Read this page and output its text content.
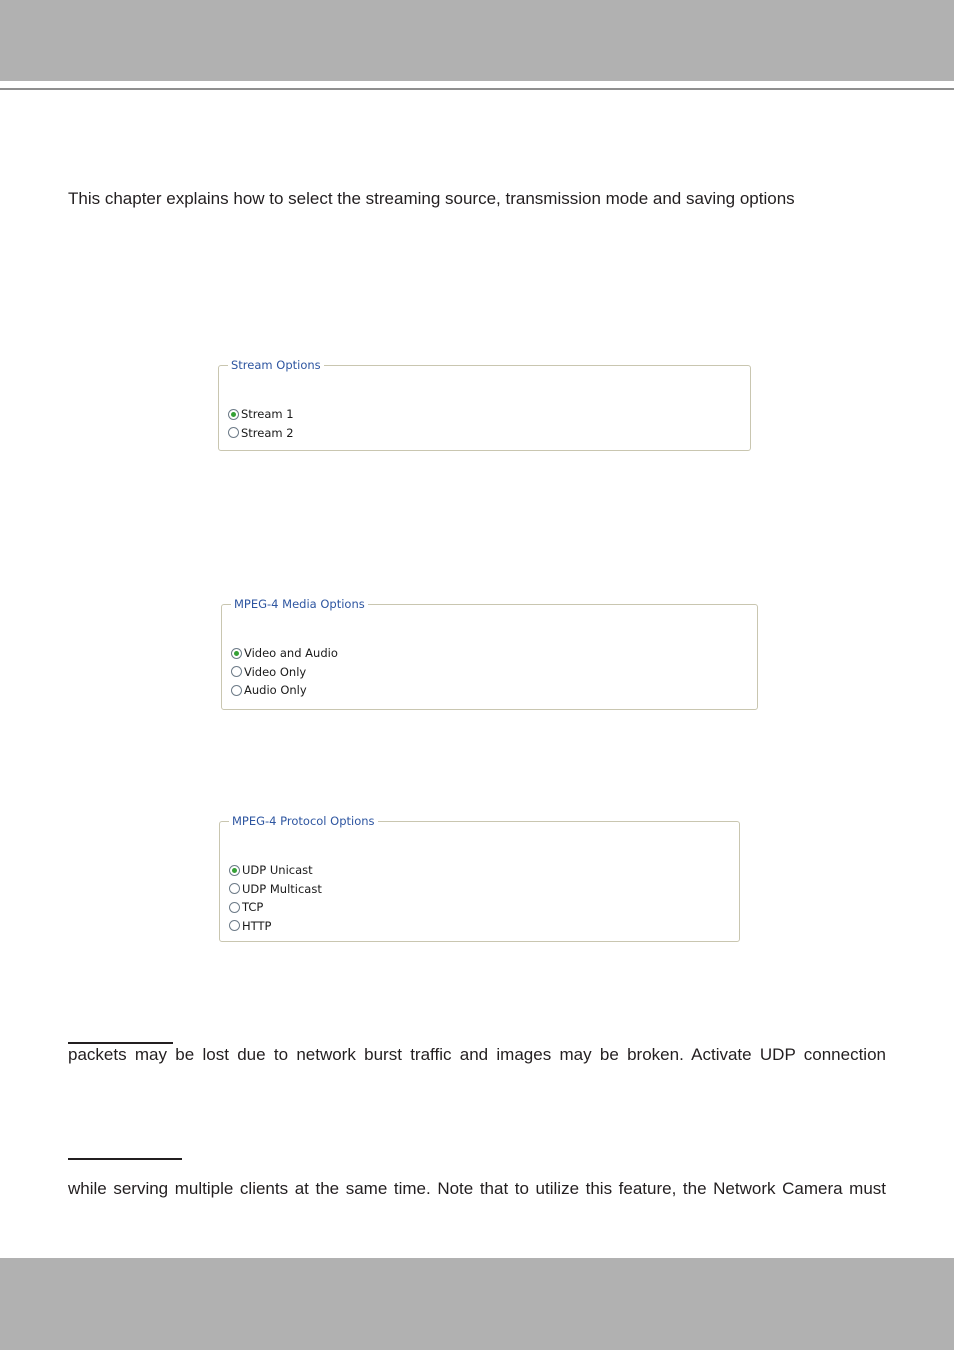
This chapter explains how to select the streaming source, transmission mode and saving options
Stream Options
Stream 1
Stream 2
MPEG-4 Media Options
Video and Audio
Video Only
Audio Only
MPEG-4 Protocol Options
UDP Unicast
UDP Multicast
TCP
HTTP
packets may be lost due to network burst traffic and images may be broken. Activate UDP connection
while serving multiple clients at the same time. Note that to utilize this feature, the Network Camera must
